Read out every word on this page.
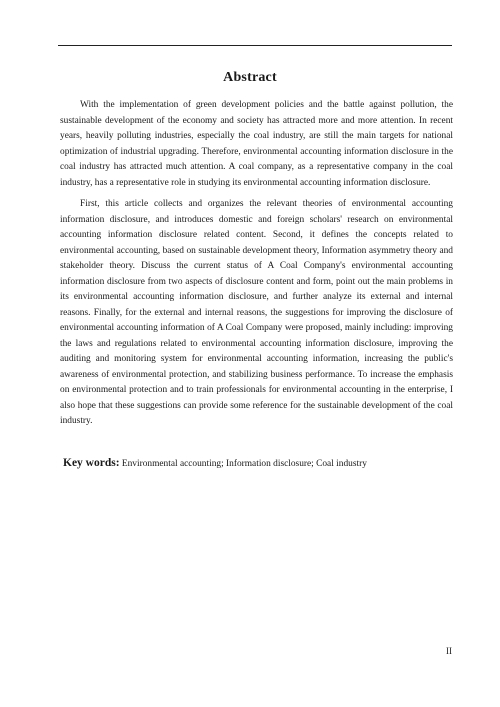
Abstract

With the implementation of green development policies and the battle against pollution, the sustainable development of the economy and society has attracted more and more attention. In recent years, heavily polluting industries, especially the coal industry, are still the main targets for national optimization of industrial upgrading. Therefore, environmental accounting information disclosure in the coal industry has attracted much attention. A coal company, as a representative company in the coal industry, has a representative role in studying its environmental accounting information disclosure.

First, this article collects and organizes the relevant theories of environmental accounting information disclosure, and introduces domestic and foreign scholars' research on environmental accounting information disclosure related content. Second, it defines the concepts related to environmental accounting, based on sustainable development theory, Information asymmetry theory and stakeholder theory. Discuss the current status of A Coal Company's environmental accounting information disclosure from two aspects of disclosure content and form, point out the main problems in its environmental accounting information disclosure, and further analyze its external and internal reasons. Finally, for the external and internal reasons, the suggestions for improving the disclosure of environmental accounting information of A Coal Company were proposed, mainly including: improving the laws and regulations related to environmental accounting information disclosure, improving the auditing and monitoring system for environmental accounting information, increasing the public's awareness of environmental protection, and stabilizing business performance. To increase the emphasis on environmental protection and to train professionals for environmental accounting in the enterprise, I also hope that these suggestions can provide some reference for the sustainable development of the coal industry.

Key words: Environmental accounting; Information disclosure; Coal industry
II
